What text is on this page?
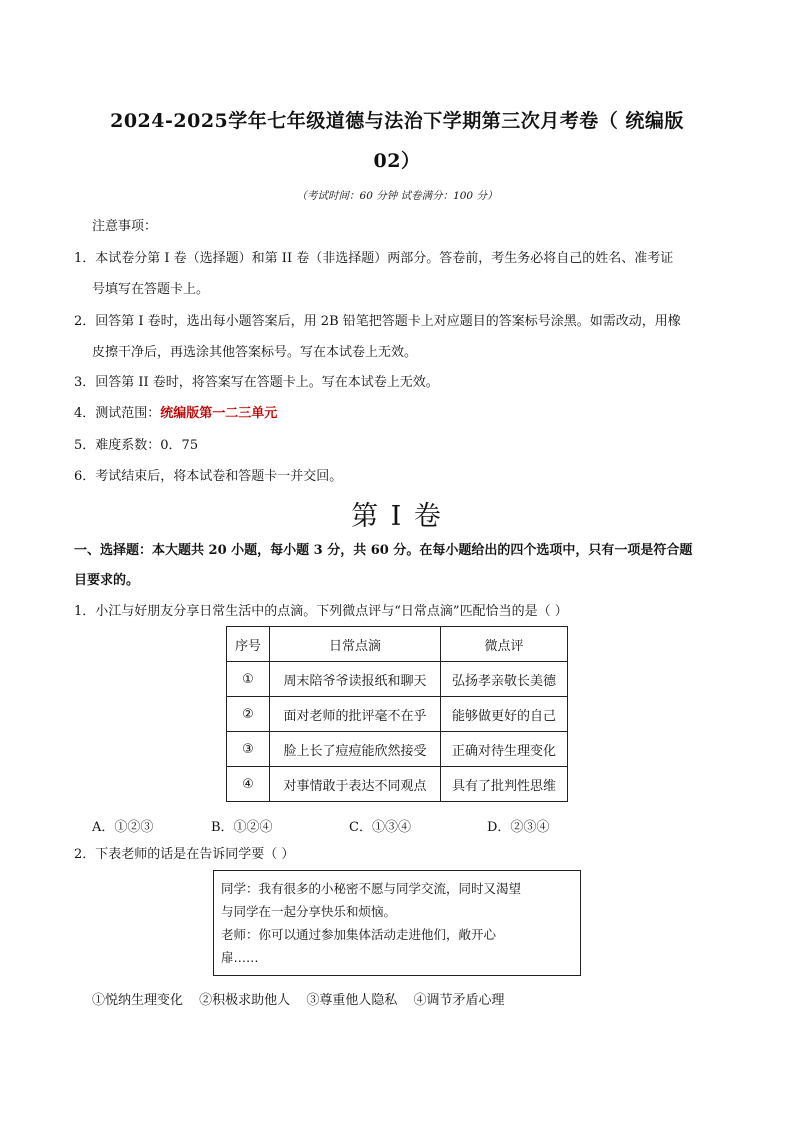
2024-2025学年七年级道德与法治下学期第三次月考卷（ 统编版
02）
（考试时间：60 分钟 试卷满分：100 分）
注意事项：
1．本试卷分第 I 卷（选择题）和第 II 卷（非选择题）两部分。答卷前，考生务必将自己的姓名、准考证
号填写在答题卡上。
2．回答第 I 卷时，选出每小题答案后，用 2B 铅笔把答题卡上对应题目的答案标号涂黑。如需改动，用橡
皮擦干净后，再选涂其他答案标号。写在本试卷上无效。
3．回答第 II 卷时，将答案写在答题卡上。写在本试卷上无效。
4．测试范围：统编版第一二三单元
5．难度系数：0．75
6．考试结束后，将本试卷和答题卡一并交回。
第 I 卷
一、选择题：本大题共 20 小题，每小题 3 分，共 60 分。在每小题给出的四个选项中，只有一项是符合题
目要求的。
1．小江与好朋友分享日常生活中的点滴。下列微点评与“日常点滴”匹配恰当的是（ ）
序号	日常点滴	微点评
①	周末陪爷爷读报纸和聊天	弘扬孝亲敬长美德
②	面对老师的批评毫不在乎	能够做更好的自己
③	脸上长了痘痘能欣然接受	正确对待生理变化
④	对事情敢于表达不同观点	具有了批判性思维
A．①②③	B．①②④	C．①③④	D．②③④
2．下表老师的话是在告诉同学要（ ）
同学：我有很多的小秘密不愿与同学交流，同时又渴望
与同学在一起分享快乐和烦恼。
老师：你可以通过参加集体活动走进他们，敞开心
扉……
①悦纳生理变化 ②积极求助他人 ③尊重他人隐私 ④调节矛盾心理
